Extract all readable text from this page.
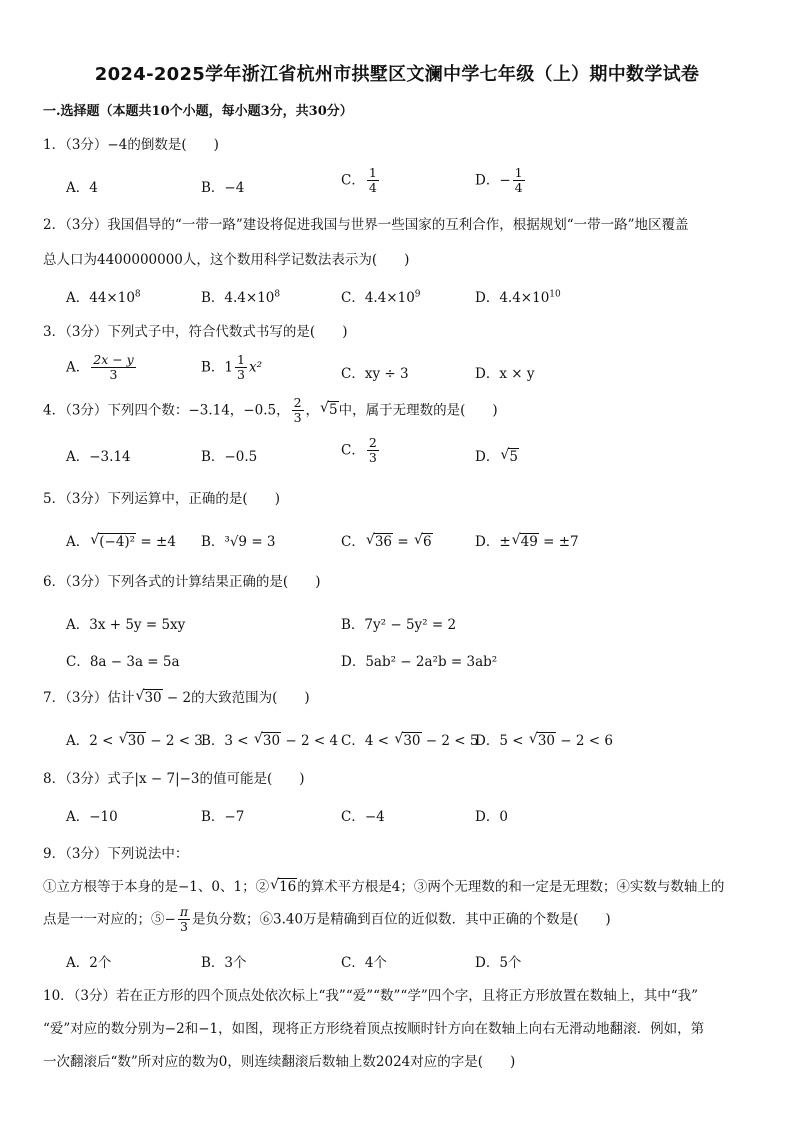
2024-2025学年浙江省杭州市拱墅区文澜中学七年级（上）期中数学试卷
一.选择题（本题共10个小题，每小题3分，共30分）
1．（3分）−4的倒数是(　　)
A．4	B．−4	C． $\frac{1}{4}$	D．− $\frac{1}{4}$
2．（3分）我国倡导的“一带一路”建设将促进我国与世界一些国家的互利合作，根据规划“一带一路”地区覆盖
总人口为4400000000人，这个数用科学记数法表示为(　　)
A．$44\times 10^8$	B．$4.4\times 10^8$	C．$4.4\times 10^9$	D．$4.4\times 10^{10}$
3．（3分）下列式子中，符合代数式书写的是(　　)
A． $\frac{2x - y}{3}$	B．$1 \frac{1}{3} x^2$	C．xy ÷ 3	D．x × y
4．（3分）下列四个数：−3.14，−0.5， $\frac{2}{3}$ ， √ 5中，属于无理数的是(　　)
A．−3.14	B．−0.5	C． $\frac{2}{3}$	D． √ 5
5．（3分）下列运算中，正确的是(　　)
A． √ (−4)² = ±4 B．³√9 = 3	C． √ 36 = √ 6	D．± √ 49 = ±7
6．（3分）下列各式的计算结果正确的是(　　)
A．3x + 5y = 5xy	B．7y² − 5y² = 2
C．8a − 3a = 5a	D．5ab² − 2a²b = 3ab²
7．（3分）估计 √ 30 − 2的大致范围为(　　)
A．2 < √ 30 − 2 < 3
B．3 < √ 30 − 2 < 4 C．4 < √ 30 − 2 < 5
D．5 < √ 30 − 2 < 6
8．（3分）式子|x − 7|−3的值可能是(　　)
A．−10	B．−7	C．−4	D．0
9．（3分）下列说法中：
①立方根等于本身的是−1、0、1；② √ 16的算术平方根是4；③两个无理数的和一定是无理数；④实数与数轴上的
点是一一对应的；⑤− $\frac{\pi}{3}$ 是负分数；⑥3.40万是精确到百位的近似数．其中正确的个数是(　　)
A．2个	B．3个	C．4个	D．5个
10．（3分）若在正方形的四个顶点处依次标上“我”“爱”“数”“学”四个字，且将正方形放置在数轴上，其中“我”
“爱”对应的数分别为−2和−1，如图，现将正方形绕着顶点按顺时针方向在数轴上向右无滑动地翻滚．例如，第
一次翻滚后“数”所对应的数为0，则连续翻滚后数轴上数2024对应的字是(　　)
